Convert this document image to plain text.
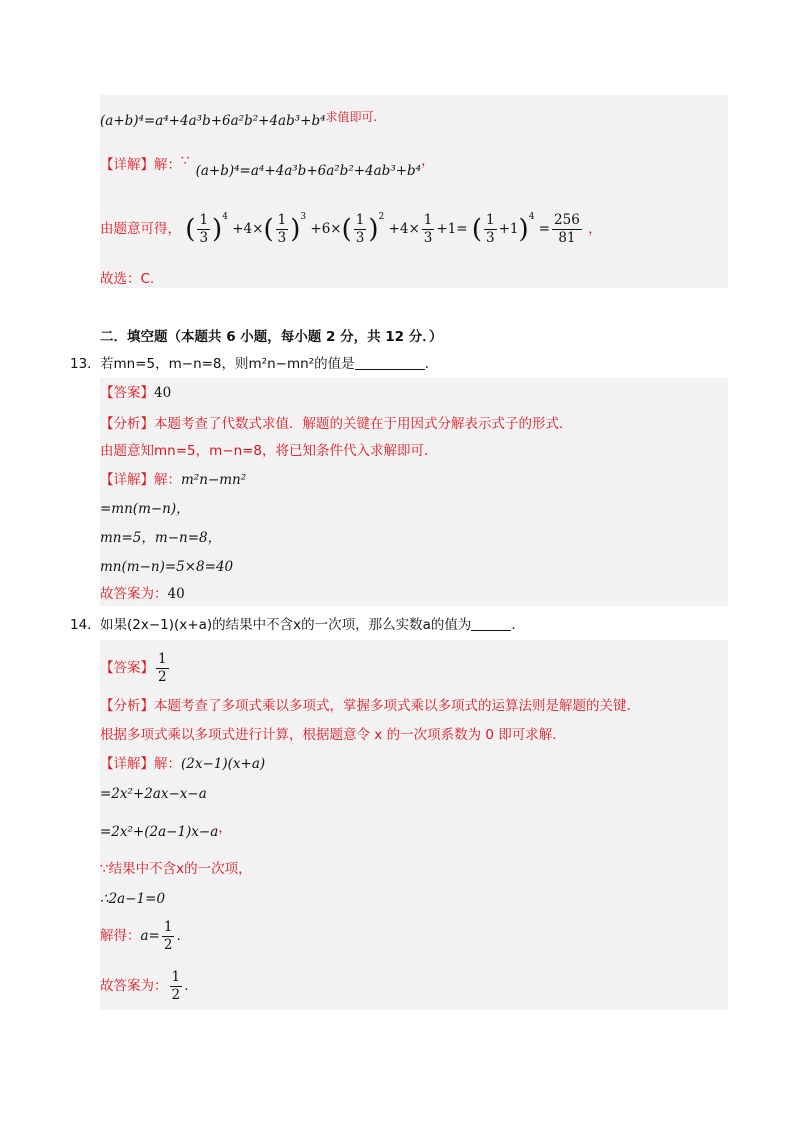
(a+b)⁴=a⁴+4a³b+6a²b²+4ab³+b⁴求值即可.
【详解】解：∵(a+b)⁴=a⁴+4a³b+6a²b²+4ab³+b⁴，
由题意可得， ( $\frac{1}{3} )^4 +4\times( \frac{1}{3} )^3 +6\times( \frac{1}{3} )^2 +4\times \frac{1}{3} +1=$ ( $\frac{1}{3} +1)^4 = \frac{256}{81}$ ，
故选：C.
二．填空题（本题共 6 小题，每小题 2 分，共 12 分．）
13． 若mn=5，m−n=8，则m²n−mn²的值是	.
【答案】40
【分析】本题考查了代数式求值．解题的关键在于用因式分解表示式子的形式．
由题意知mn=5，m−n=8，将已知条件代入求解即可．
【详解】解：m²n−mn²
=mn(m−n)，
mn=5，m−n=8，
mn(m−n)=5×8=40
故答案为：40
14． 如果(2x−1)(x+a)的结果中不含x的一次项，那么实数a的值为	.
【答案】 $\frac{1}{2}$
【分析】本题考查了多项式乘以多项式，掌握多项式乘以多项式的运算法则是解题的关键．
根据多项式乘以多项式进行计算，根据题意令 x 的一次项系数为 0 即可求解．
【详解】解：(2x−1)(x+a)
=2x²+2ax−x−a
=2x²+(2a−1)x−a，
∵结果中不含x的一次项，
∴2a−1=0
解得：$a= \frac{1}{2}$ .
故答案为： $\frac{1}{2}$ .
